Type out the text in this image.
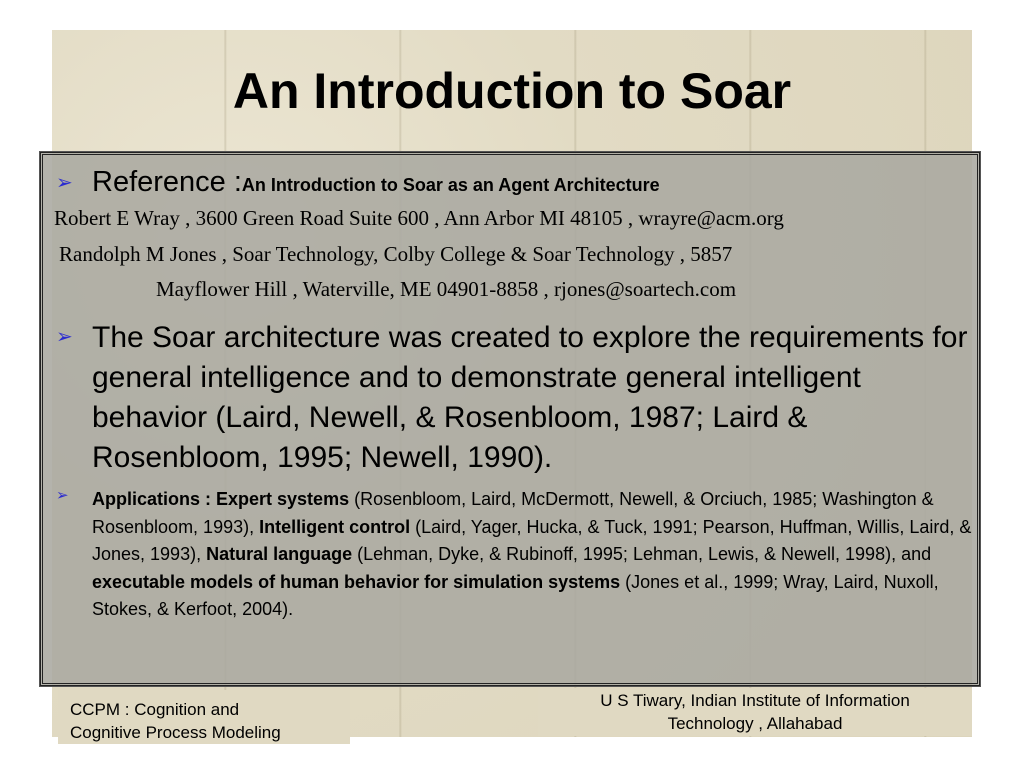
An Introduction to Soar
➢ Reference :An Introduction to Soar as an Agent Architecture
Robert E Wray , 3600 Green Road Suite 600 , Ann Arbor MI 48105 , wrayre@acm.org
Randolph M Jones , Soar Technology, Colby College & Soar Technology , 5857
Mayflower Hill , Waterville, ME 04901-8858 , rjones@soartech.com
➢ The Soar architecture was created to explore the requirements for general intelligence and to demonstrate general intelligent behavior (Laird, Newell, & Rosenbloom, 1987; Laird & Rosenbloom, 1995; Newell, 1990).
➢ Applications : Expert systems (Rosenbloom, Laird, McDermott, Newell, & Orciuch, 1985; Washington & Rosenbloom, 1993), Intelligent control (Laird, Yager, Hucka, & Tuck, 1991; Pearson, Huffman, Willis, Laird, & Jones, 1993), Natural language (Lehman, Dyke, & Rubinoff, 1995; Lehman, Lewis, & Newell, 1998), and executable models of human behavior for simulation systems (Jones et al., 1999; Wray, Laird, Nuxoll, Stokes, & Kerfoot, 2004).
CCPM : Cognition and
Cognitive Process Modeling
U S Tiwary, Indian Institute of Information
Technology , Allahabad
